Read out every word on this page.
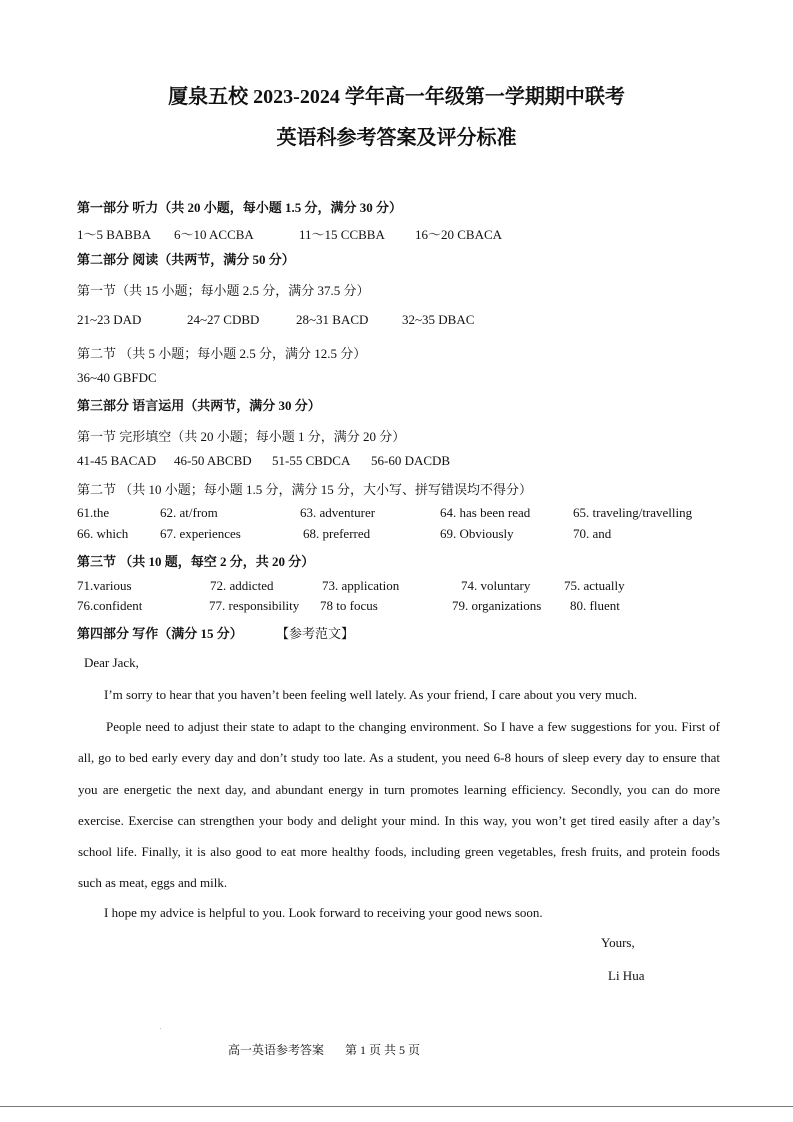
厦泉五校 2023-2024 学年高一年级第一学期期中联考
英语科参考答案及评分标准
第一部分 听力（共 20 小题，每小题 1.5 分，满分 30 分）
1～5 BABBA 6～10 ACCBA	11～15 CCBBA 16～20 CBACA
第二部分 阅读（共两节，满分 50 分）
第一节（共 15 小题；每小题 2.5 分，满分 37.5 分）
21~23 DAD	24~27 CDBD	28~31 BACD	32~35 DBAC
第二节 （共 5 小题；每小题 2.5 分，满分 12.5 分）
36~40 GBFDC
第三部分 语言运用（共两节，满分 30 分）
第一节 完形填空（共 20 小题；每小题 1 分，满分 20 分）
41-45 BACAD 46-50 ABCBD 51-55 CBDCA 56-60 DACDB
第二节 （共 10 小题；每小题 1.5 分，满分 15 分，大小写、拼写错误均不得分）
61.the	62. at/from	63. adventurer	64. has been read	65. traveling/travelling
66. which 67. experiences	68. preferred	69. Obviously	70. and
第三节 （共 10 题，每空 2 分，共 20 分）
71.various	72. addicted	73. application	74. voluntary	75. actually
76.confident	77. responsibility 78 to focus	79. organizations 80. fluent
第四部分 写作（满分 15 分）	【参考范文】
Dear Jack,
I’m sorry to hear that you haven’t been feeling well lately. As your friend, I care about you very much.
People need to adjust their state to adapt to the changing environment. So I have a few suggestions for you. First of all, go to bed early every day and don’t study too late. As a student, you need 6-8 hours of sleep every day to ensure that you are energetic the next day, and abundant energy in turn promotes learning efficiency. Secondly, you can do more exercise. Exercise can strengthen your body and delight your mind. In this way, you won’t get tired easily after a day’s school life. Finally, it is also good to eat more healthy foods, including green vegetables, fresh fruits, and protein foods such as meat, eggs and milk.
I hope my advice is helpful to you. Look forward to receiving your good news soon.
Yours,
Li Hua
高一英语参考答案 第 1 页 共 5 页
